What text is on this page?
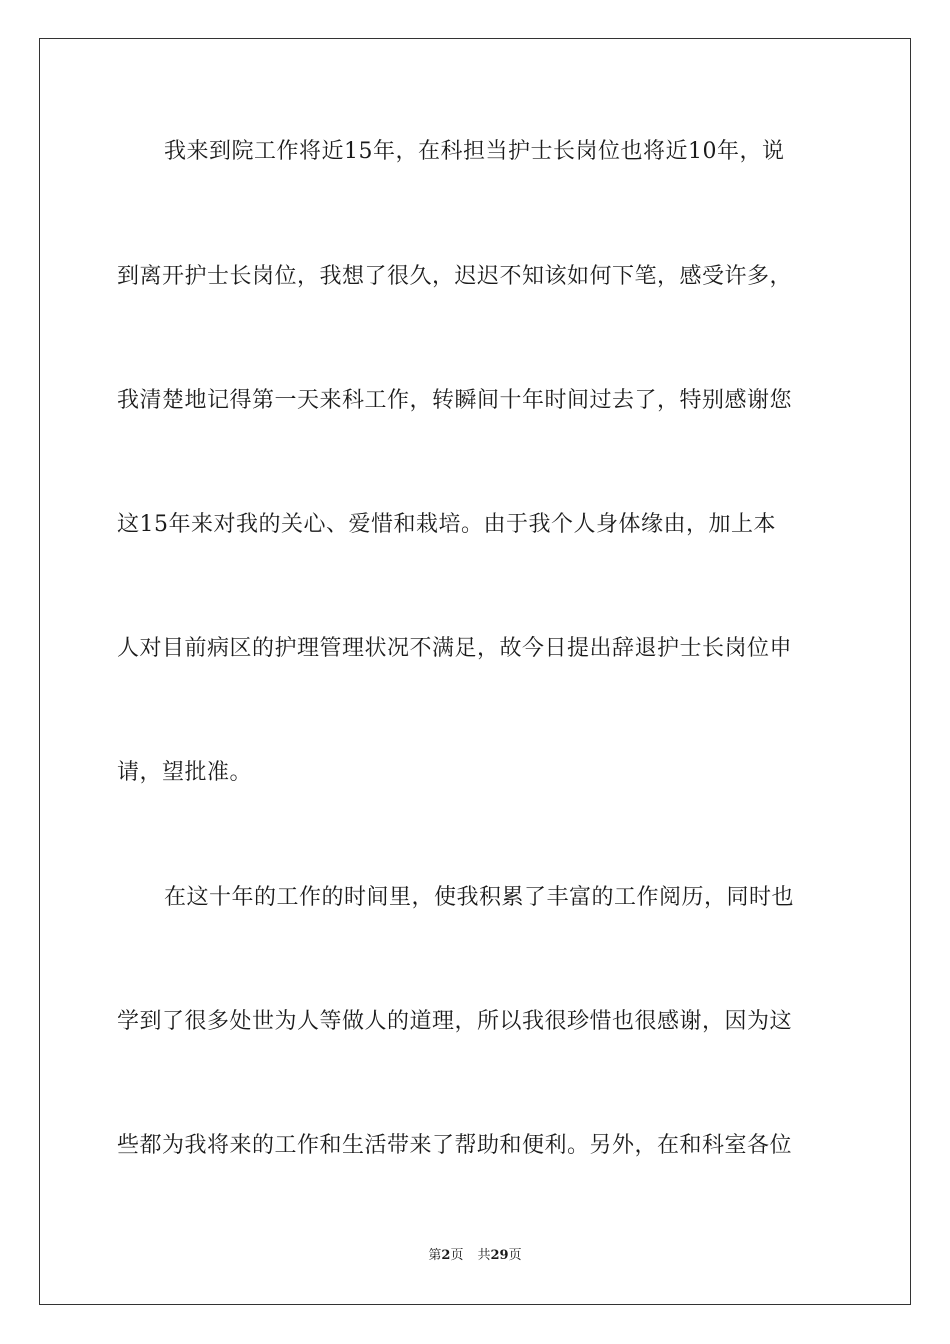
我来到院工作将近15年，在科担当护士长岗位也将近10年，说
到离开护士长岗位，我想了很久，迟迟不知该如何下笔，感受许多，
我清楚地记得第一天来科工作，转瞬间十年时间过去了，特别感谢您
这15年来对我的关心、爱惜和栽培。由于我个人身体缘由，加上本
人对目前病区的护理管理状况不满足，故今日提出辞退护士长岗位申
请，望批准。
在这十年的工作的时间里，使我积累了丰富的工作阅历，同时也
学到了很多处世为人等做人的道理，所以我很珍惜也很感谢，因为这
些都为我将来的工作和生活带来了帮助和便利。另外，在和科室各位
第2页 共29页
